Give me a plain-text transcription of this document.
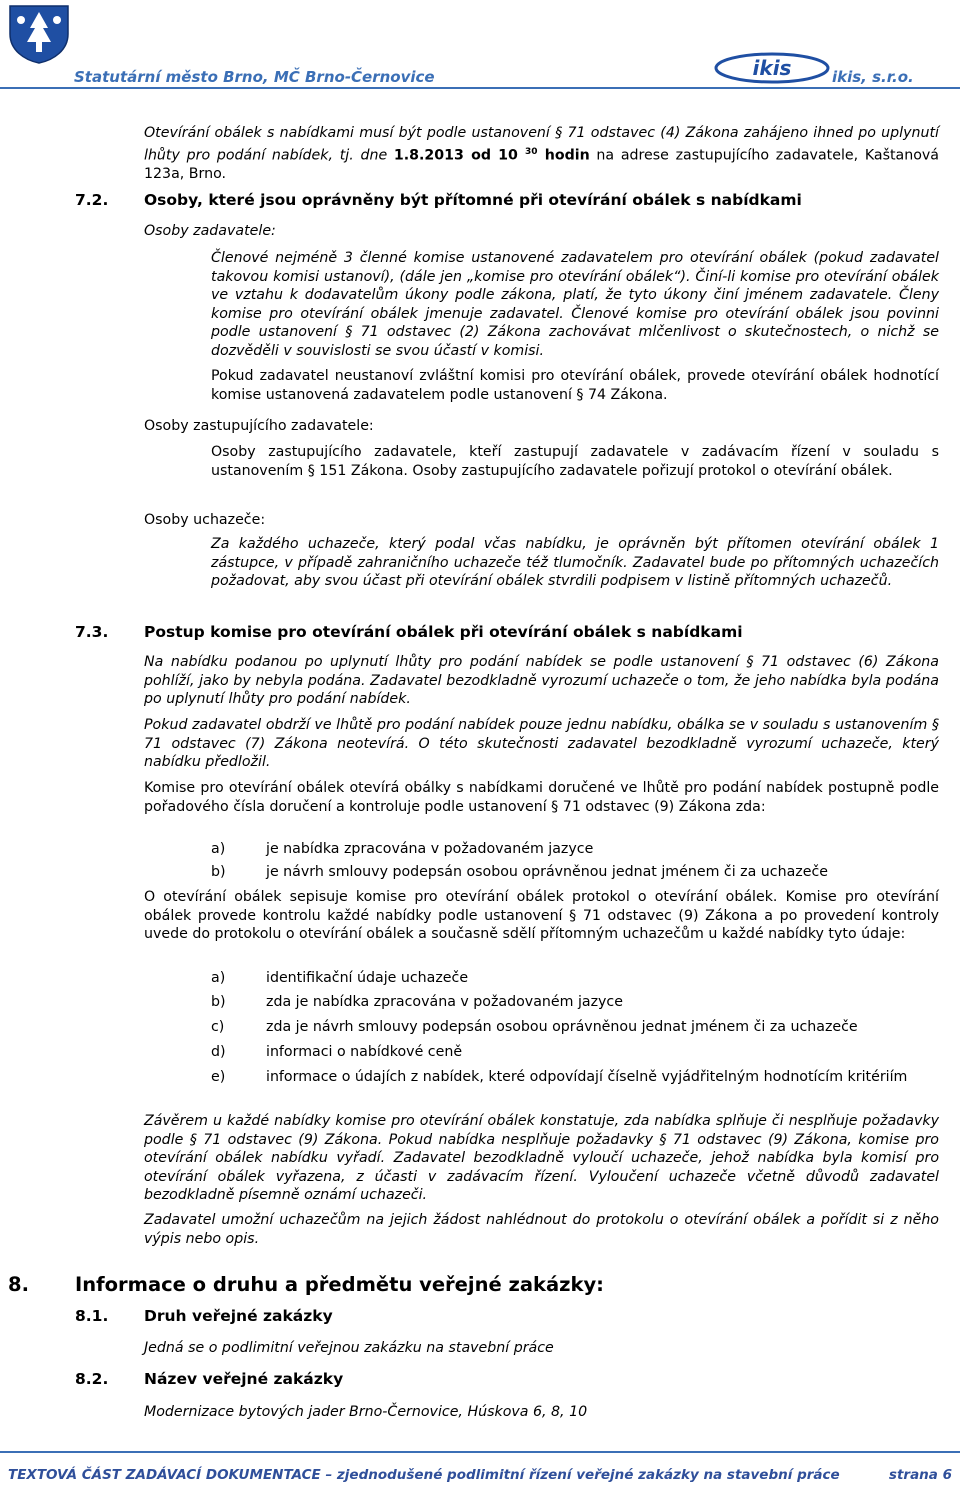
Statutární město Brno, MČ Brno-Černovice	ikis	ikis, s.r.o.
Otevírání obálek s nabídkami musí být podle ustanovení § 71 odstavec (4) Zákona zahájeno ihned po uplynutí lhůty pro podání nabídek, tj. dne 1.8.2013 od 10 $^{30}$ hodin na adrese zastupujícího zadavatele, Kaštanová 123a, Brno.
7.2. Osoby, které jsou oprávněny být přítomné při otevírání obálek s nabídkami
Osoby zadavatele:
Členové nejméně 3 členné komise ustanovené zadavatelem pro otevírání obálek (pokud zadavatel takovou komisi ustanoví), (dále jen „komise pro otevírání obálek“). Činí-li komise pro otevírání obálek ve vztahu k dodavatelům úkony podle zákona, platí, že tyto úkony činí jménem zadavatele. Členy komise pro otevírání obálek jmenuje zadavatel. Členové komise pro otevírání obálek jsou povinni podle ustanovení § 71 odstavec (2) Zákona zachovávat mlčenlivost o skutečnostech, o nichž se dozvěděli v souvislosti se svou účastí v komisi.
Pokud zadavatel neustanoví zvláštní komisi pro otevírání obálek, provede otevírání obálek hodnotící komise ustanovená zadavatelem podle ustanovení § 74 Zákona.
Osoby zastupujícího zadavatele:
Osoby zastupujícího zadavatele, kteří zastupují zadavatele v zadávacím řízení v souladu s ustanovením § 151 Zákona. Osoby zastupujícího zadavatele pořizují protokol o otevírání obálek.
Osoby uchazeče:
Za každého uchazeče, který podal včas nabídku, je oprávněn být přítomen otevírání obálek 1 zástupce, v případě zahraničního uchazeče též tlumočník. Zadavatel bude po přítomných uchazečích požadovat, aby svou účast při otevírání obálek stvrdili podpisem v listině přítomných uchazečů.
7.3. Postup komise pro otevírání obálek při otevírání obálek s nabídkami
Na nabídku podanou po uplynutí lhůty pro podání nabídek se podle ustanovení § 71 odstavec (6) Zákona pohlíží, jako by nebyla podána. Zadavatel bezodkladně vyrozumí uchazeče o tom, že jeho nabídka byla podána po uplynutí lhůty pro podání nabídek.
Pokud zadavatel obdrží ve lhůtě pro podání nabídek pouze jednu nabídku, obálka se v souladu s ustanovením § 71 odstavec (7) Zákona neotevírá. O této skutečnosti zadavatel bezodkladně vyrozumí uchazeče, který nabídku předložil.
Komise pro otevírání obálek otevírá obálky s nabídkami doručené ve lhůtě pro podání nabídek postupně podle pořadového čísla doručení a kontroluje podle ustanovení § 71 odstavec (9) Zákona zda:
a)	je nabídka zpracována v požadovaném jazyce
b)	je návrh smlouvy podepsán osobou oprávněnou jednat jménem či za uchazeče
O otevírání obálek sepisuje komise pro otevírání obálek protokol o otevírání obálek. Komise pro otevírání obálek provede kontrolu každé nabídky podle ustanovení § 71 odstavec (9) Zákona a po provedení kontroly uvede do protokolu o otevírání obálek a současně sdělí přítomným uchazečům u každé nabídky tyto údaje:
a)	identifikační údaje uchazeče
b)	zda je nabídka zpracována v požadovaném jazyce
c)	zda je návrh smlouvy podepsán osobou oprávněnou jednat jménem či za uchazeče
d)	informaci o nabídkové ceně
e)	informace o údajích z nabídek, které odpovídají číselně vyjádřitelným hodnotícím kritériím
Závěrem u každé nabídky komise pro otevírání obálek konstatuje, zda nabídka splňuje či nesplňuje požadavky podle § 71 odstavec (9) Zákona. Pokud nabídka nesplňuje požadavky § 71 odstavec (9) Zákona, komise pro otevírání obálek nabídku vyřadí. Zadavatel bezodkladně vyloučí uchazeče, jehož nabídka byla komisí pro otevírání obálek vyřazena, z účasti v zadávacím řízení. Vyloučení uchazeče včetně důvodů zadavatel bezodkladně písemně oznámí uchazeči.
Zadavatel umožní uchazečům na jejich žádost nahlédnout do protokolu o otevírání obálek a pořídit si z něho výpis nebo opis.
8. Informace o druhu a předmětu veřejné zakázky:
8.1. Druh veřejné zakázky
Jedná se o podlimitní veřejnou zakázku na stavební práce
8.2. Název veřejné zakázky
Modernizace bytových jader Brno-Černovice, Húskova 6, 8, 10
TEXTOVÁ ČÁST ZADÁVACÍ DOKUMENTACE – zjednodušené podlimitní řízení veřejné zakázky na stavební práce	strana 6
